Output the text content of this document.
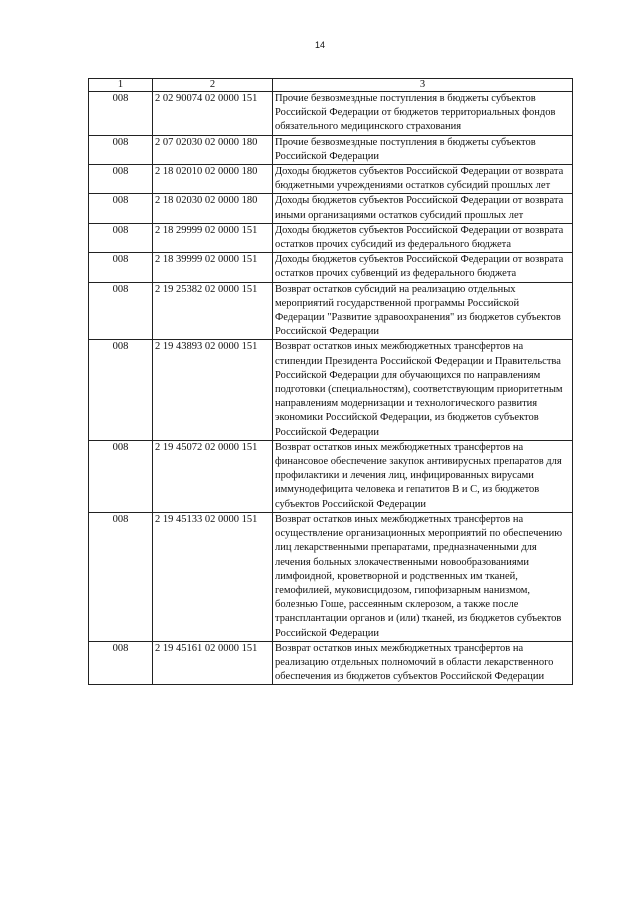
14
1	2	3
008	2 02 90074 02 0000 151	Прочие безвозмездные поступления в бюджеты субъектов Российской Федерации от бюджетов территориальных фондов обязательного медицинского страхования
008	2 07 02030 02 0000 180	Прочие безвозмездные поступления в бюджеты субъектов Российской Федерации
008	2 18 02010 02 0000 180	Доходы бюджетов субъектов Российской Федерации от возврата бюджетными учреждениями остатков субсидий прошлых лет
008	2 18 02030 02 0000 180	Доходы бюджетов субъектов Российской Федерации от возврата иными организациями остатков субсидий прошлых лет
008	2 18 29999 02 0000 151	Доходы бюджетов субъектов Российской Федерации от возврата остатков прочих субсидий из федерального бюджета
008	2 18 39999 02 0000 151	Доходы бюджетов субъектов Российской Федерации от возврата остатков прочих субвенций из федерального бюджета
008	2 19 25382 02 0000 151	Возврат остатков субсидий на реализацию отдельных мероприятий государственной программы Российской Федерации "Развитие здравоохранения" из бюджетов субъектов Российской Федерации
008	2 19 43893 02 0000 151	Возврат остатков иных межбюджетных трансфертов на стипендии Президента Российской Федерации и Правительства Российской Федерации для обучающихся по направлениям подготовки (специальностям), соответствующим приоритетным направлениям модернизации и технологического развития экономики Российской Федерации, из бюджетов субъектов Российской Федерации
008	2 19 45072 02 0000 151	Возврат остатков иных межбюджетных трансфертов на финансовое обеспечение закупок антивирусных препаратов для профилактики и лечения лиц, инфицированных вирусами иммунодефицита человека и гепатитов B и C, из бюджетов субъектов Российской Федерации
008	2 19 45133 02 0000 151	Возврат остатков иных межбюджетных трансфертов на осуществление организационных мероприятий по обеспечению лиц лекарственными препаратами, предназначенными для лечения больных злокачественными новообразованиями лимфоидной, кроветворной и родственных им тканей, гемофилией, муковисцидозом, гипофизарным нанизмом, болезнью Гоше, рассеянным склерозом, а также после трансплантации органов и (или) тканей, из бюджетов субъектов Российской Федерации
008	2 19 45161 02 0000 151	Возврат остатков иных межбюджетных трансфертов на реализацию отдельных полномочий в области лекарственного обеспечения из бюджетов субъектов Российской Федерации
